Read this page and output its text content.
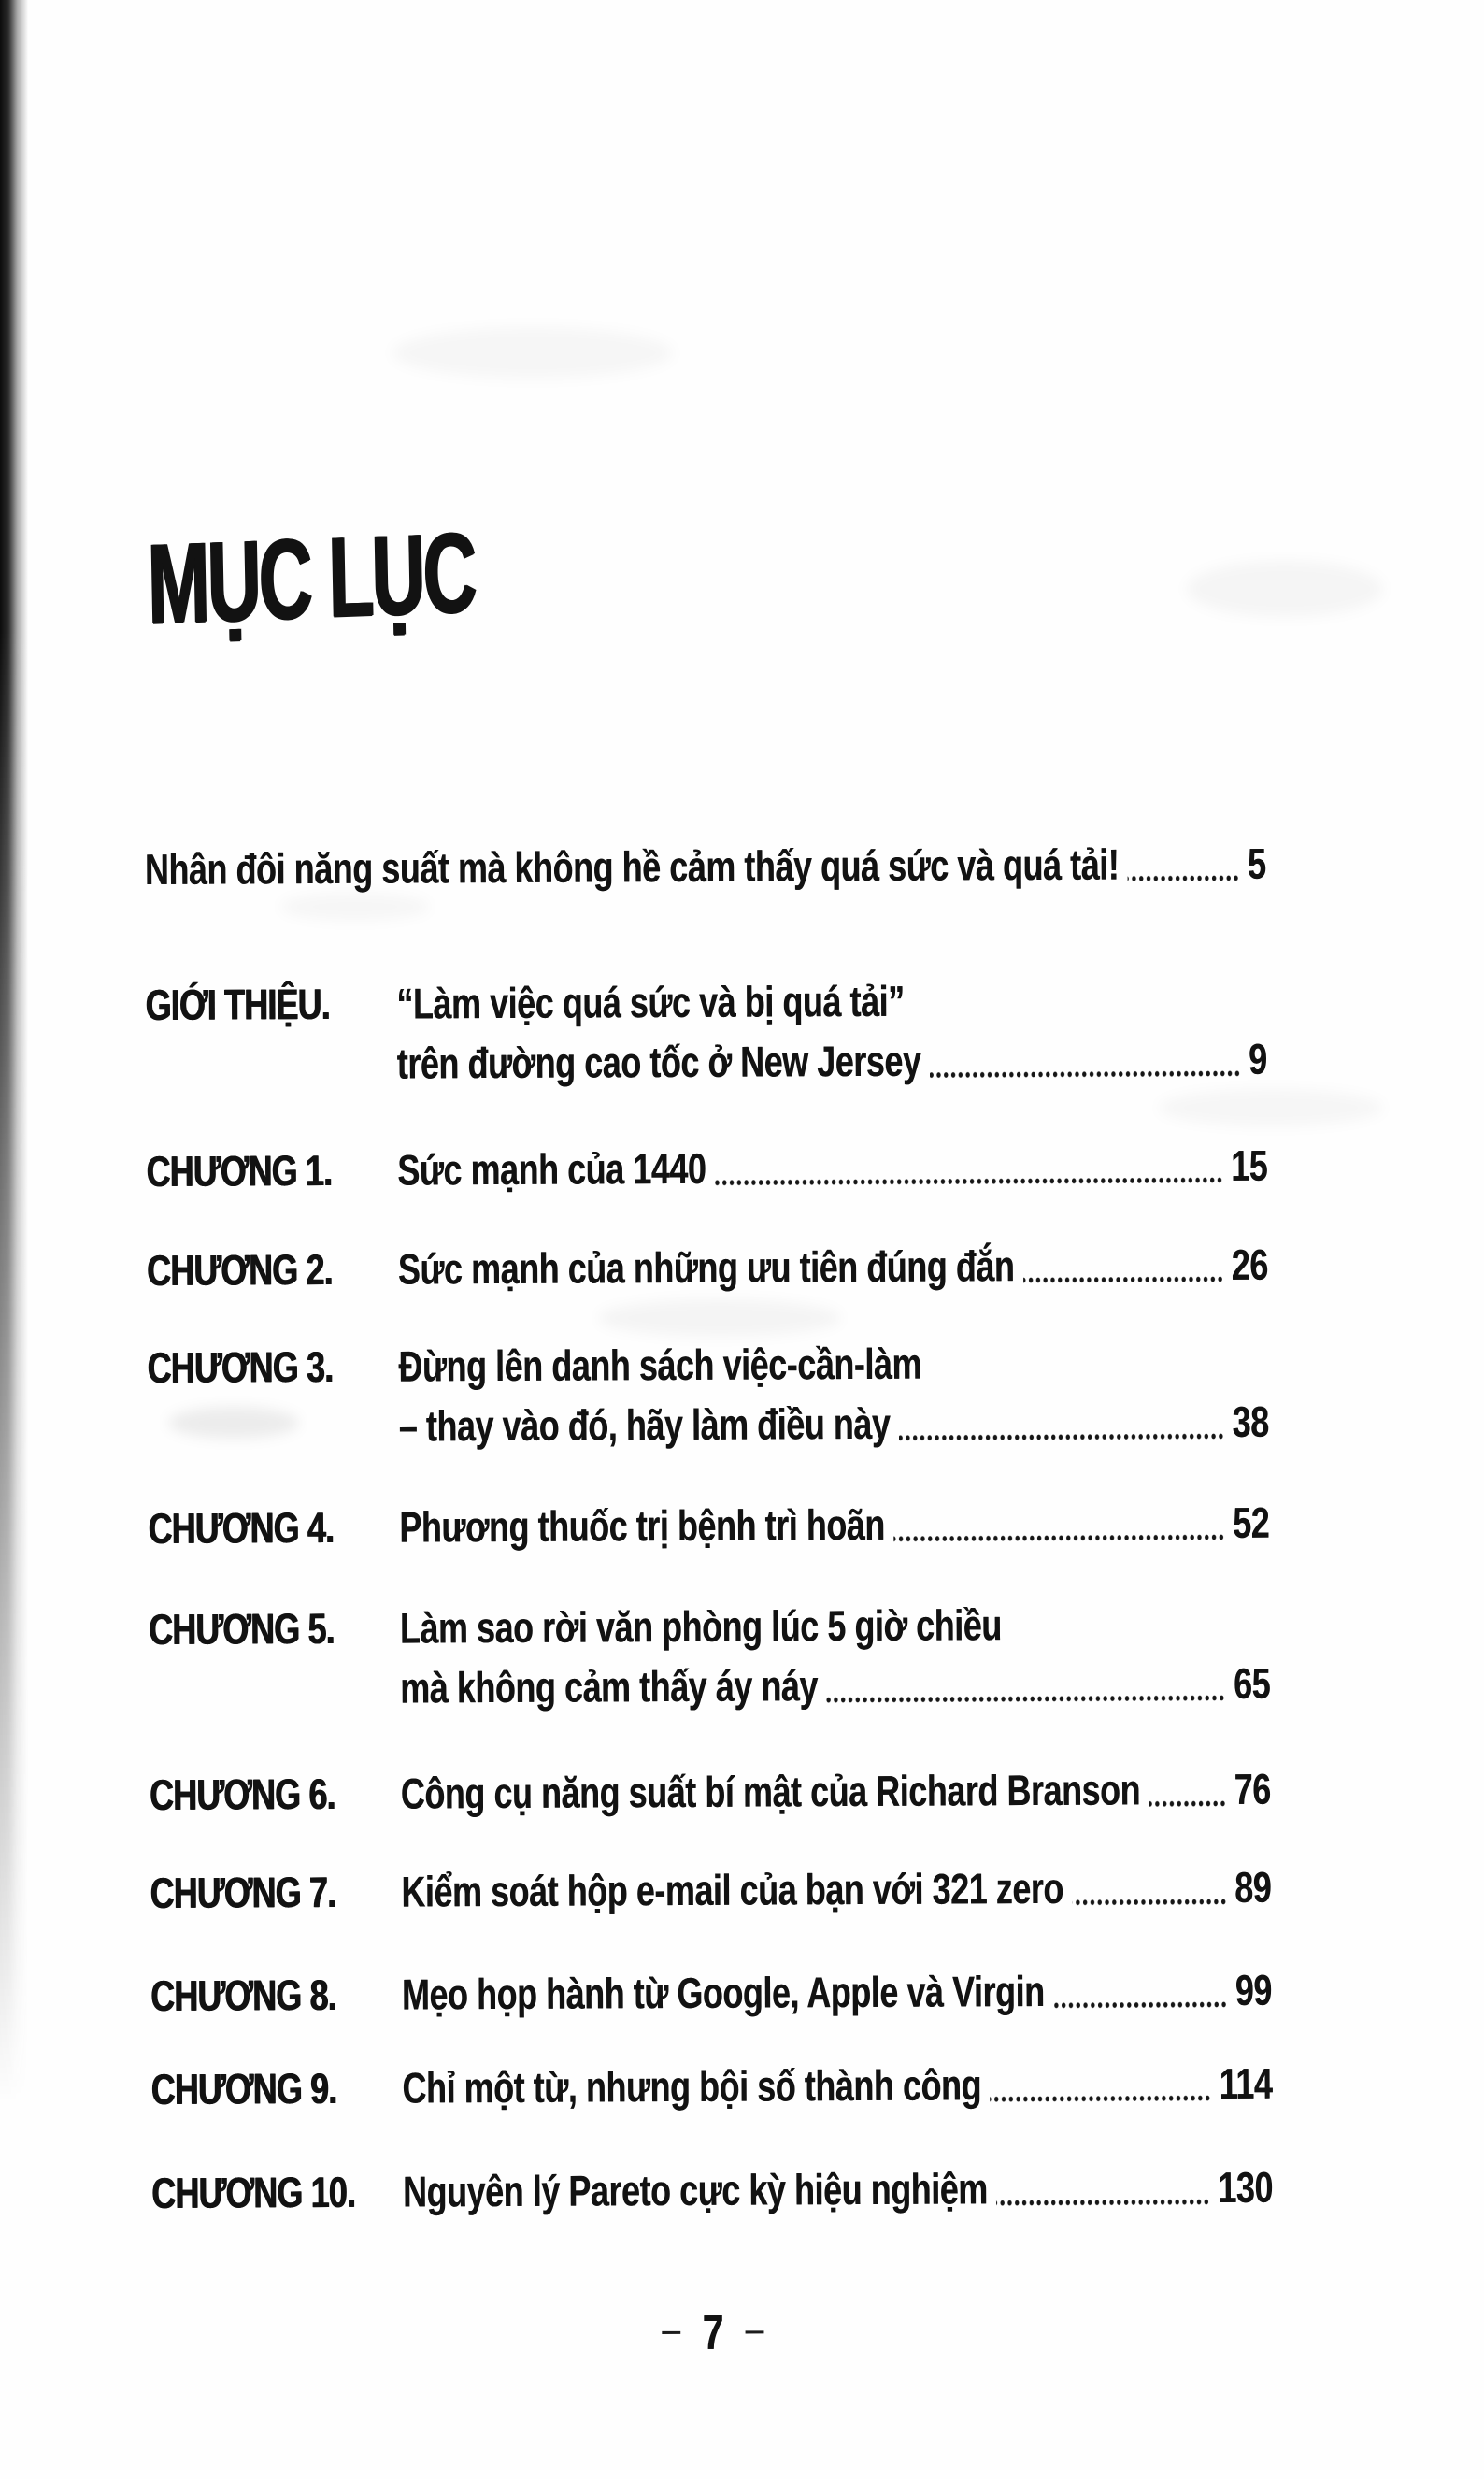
MỤC LỤC
Nhân đôi năng suất mà không hề cảm thấy quá sức và quá tải!	5
GIỚI THIỆU.	“Làm việc quá sức và bị quá tải”
trên đường cao tốc ở New Jersey	9
CHƯƠNG 1.	Sức mạnh của 1440	15
CHƯƠNG 2.	Sức mạnh của những ưu tiên đúng đắn	26
CHƯƠNG 3.	Đừng lên danh sách việc-cần-làm
– thay vào đó, hãy làm điều này	38
CHƯƠNG 4.	Phương thuốc trị bệnh trì hoãn	52
CHƯƠNG 5.	Làm sao rời văn phòng lúc 5 giờ chiều
mà không cảm thấy áy náy	65
CHƯƠNG 6.	Công cụ năng suất bí mật của Richard Branson 76
CHƯƠNG 7.	Kiểm soát hộp e-mail của bạn với 321 zero	89
CHƯƠNG 8.	Mẹo họp hành từ Google, Apple và Virgin	99
CHƯƠNG 9.	Chỉ một từ, nhưng bội số thành công	114
CHƯƠNG 10.	Nguyên lý Pareto cực kỳ hiệu nghiệm	130
– 7 –
